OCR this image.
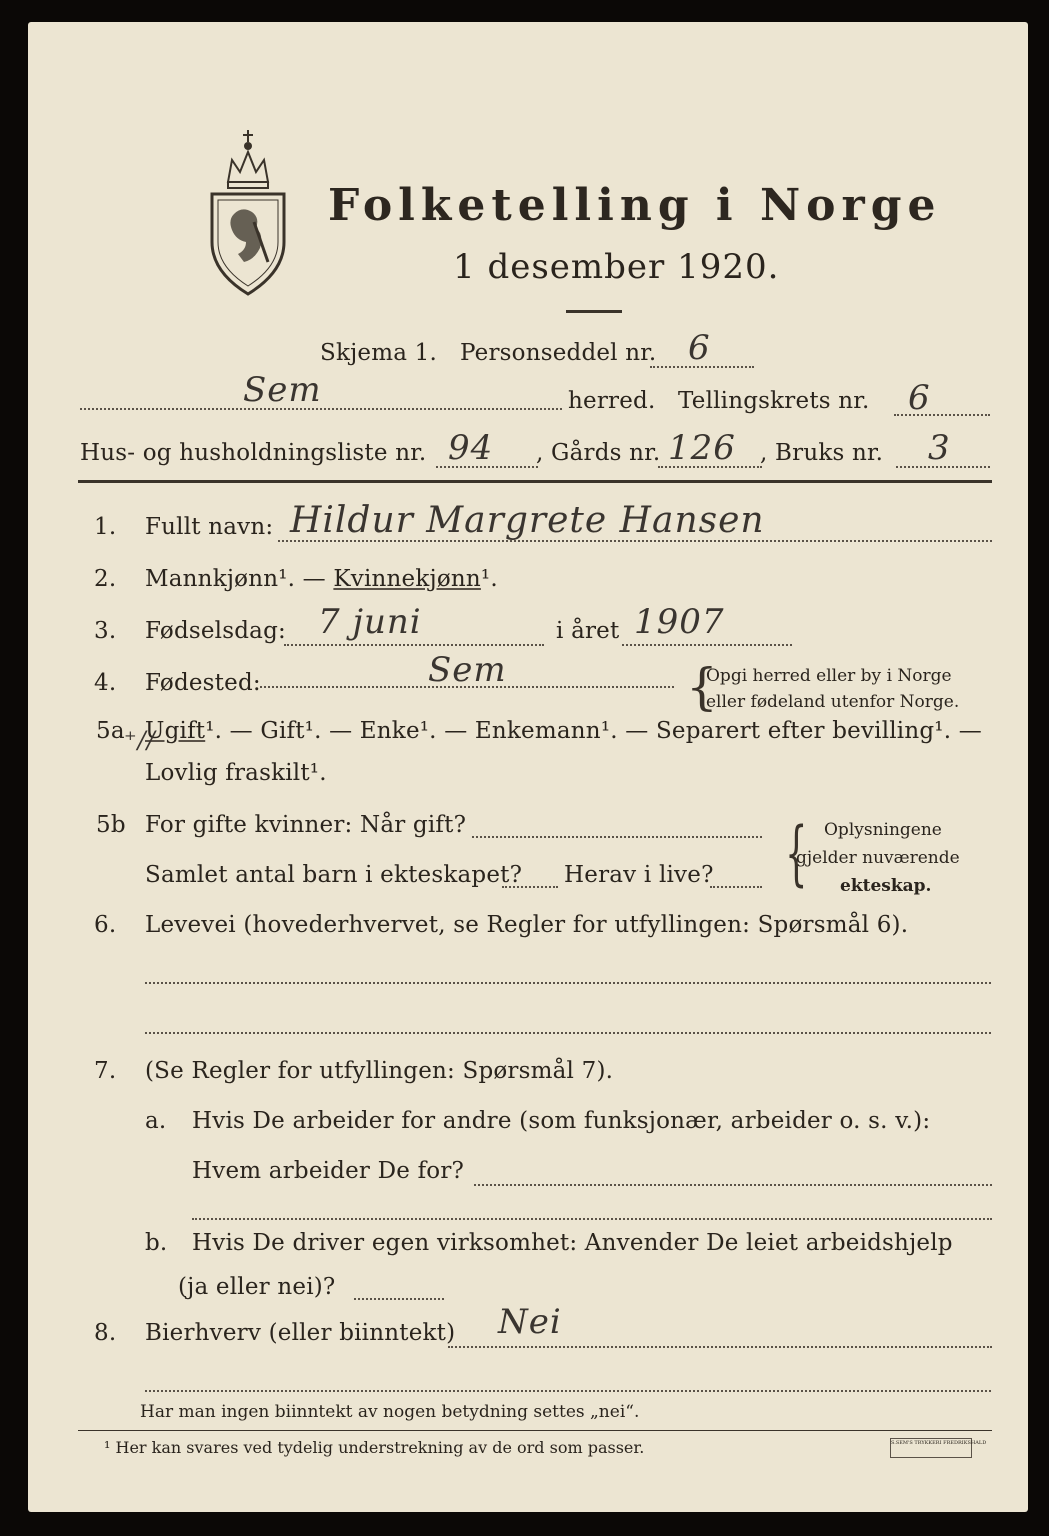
Folketelling i Norge
1 desember 1920.
Skjema 1. Personseddel nr. 6
Sem	herred. Tellingskrets nr. 6
Hus- og husholdningsliste nr. 94 , Gårds nr. 126 , Bruks nr. 3
1. Fullt navn: Hildur Margrete Hansen
2. Mannkjønn¹. — Kvinnekjønn¹.
3. Fødselsdag: 7 juni	i året 1907
4. Fødested:	Sem	{
Opgi herred eller by i Norge
eller fødeland utenfor Norge.
5a Ugift¹. — Gift¹. — Enke¹. — Enkemann¹. — Separert efter bevilling¹. —
⁺∕∕
Lovlig fraskilt¹.
5b For gifte kvinner: Når gift?
Samlet antal barn i ekteskapet? Herav i live? { Oplysningene
gjelder nuværende
ekteskap.
6. Levevei (hovederhvervet, se Regler for utfyllingen: Spørsmål 6).
7. (Se Regler for utfyllingen: Spørsmål 7).
a. Hvis De arbeider for andre (som funksjonær, arbeider o. s. v.):
Hvem arbeider De for?
b. Hvis De driver egen virksomhet: Anvender De leiet arbeidshjelp
(ja eller nei)?
8. Bierhverv (eller biinntekt) Nei
Har man ingen biinntekt av nogen betydning settes „nei“.
¹ Her kan svares ved tydelig understrekning av de ord som passer.	S.SEM'S TRYKKERI FREDRIKSHALD
